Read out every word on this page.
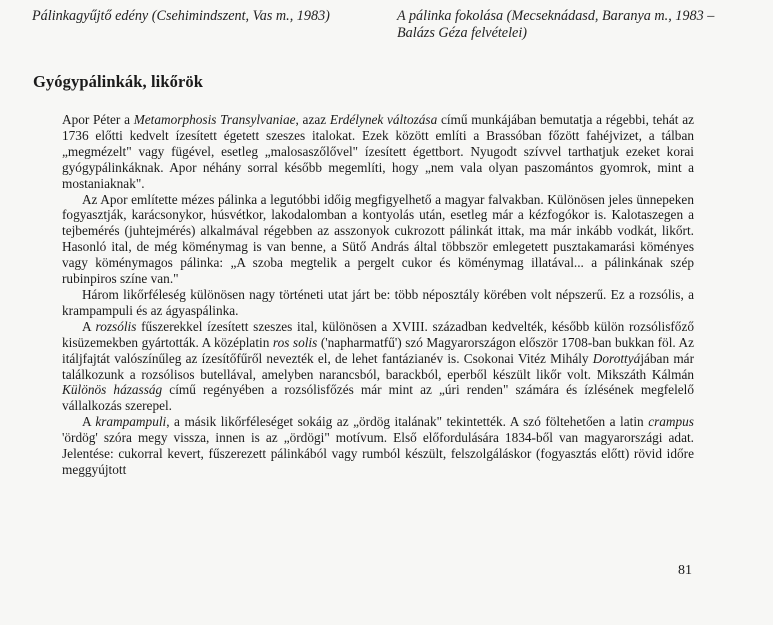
Pálinkagyűjtő edény (Csehimindszent, Vas m., 1983)	A pálinka fokolása (Mecseknádasd, Baranya m., 1983 – Balázs Géza felvételei)
Gyógypálinkák, likőrök

Apor Péter a Metamorphosis Transylvaniae, azaz Erdélynek változása című munkájában bemutatja a régebbi, tehát az 1736 előtti kedvelt ízesített égetett szeszes italokat. Ezek között említi a Brassóban főzött fahéjvizet, a tálban „megmézelt" vagy fügével, esetleg „malosaszőlővel" ízesített égettbort. Nyugodt szívvel tarthatjuk ezeket korai gyógypálinkáknak. Apor néhány sorral később megemlíti, hogy „nem vala olyan paszomántos gyomrok, mint a mostaniaknak".

Az Apor említette mézes pálinka a legutóbbi időig megfigyelhető a magyar falvakban. Különösen jeles ünnepeken fogyasztják, karácsonykor, húsvétkor, lakodalomban a kontyolás után, esetleg már a kézfogókor is. Kalotaszegen a tejbemérés (juhtejmérés) alkalmával régebben az asszonyok cukrozott pálinkát ittak, ma már inkább vodkát, likőrt. Hasonló ital, de még köménymag is van benne, a Sütő András által többször emlegetett pusztakamarási köményes vagy köménymagos pálinka: „A szoba megtelik a pergelt cukor és köménymag illatával... a pálinkának szép rubinpiros színe van."

Három likőrféleség különösen nagy történeti utat járt be: több néposztály körében volt népszerű. Ez a rozsólis, a krampampuli és az ágyaspálinka.

A rozsólis fűszerekkel ízesített szeszes ital, különösen a XVIII. században kedvelték, később külön rozsólisfőző kisüzemekben gyártották. A középlatin ros solis ('napharmatfű') szó Magyarországon először 1708-ban bukkan föl. Az itáljfajtát valószínűleg az ízesítőfűről nevezték el, de lehet fantázianév is. Csokonai Vitéz Mihály Dorottyájában már találkozunk a rozsólisos butellával, amelyben narancsból, barackból, eperből készült likőr volt. Mikszáth Kálmán Különös házasság című regényében a rozsólisfőzés már mint az „úri renden" számára és ízlésének megfelelő vállalkozás szerepel.

A krampampuli, a másik likőrféleséget sokáig az „ördög italának" tekintették. A szó föltehetően a latin crampus 'ördög' szóra megy vissza, innen is az „ördögi" motívum. Első előfordulására 1834-ből van magyarországi adat. Jelentése: cukorral kevert, fűszerezett pálinkából vagy rumból készült, felszolgáláskor (fogyasztás előtt) rövid időre meggyújtott

81
